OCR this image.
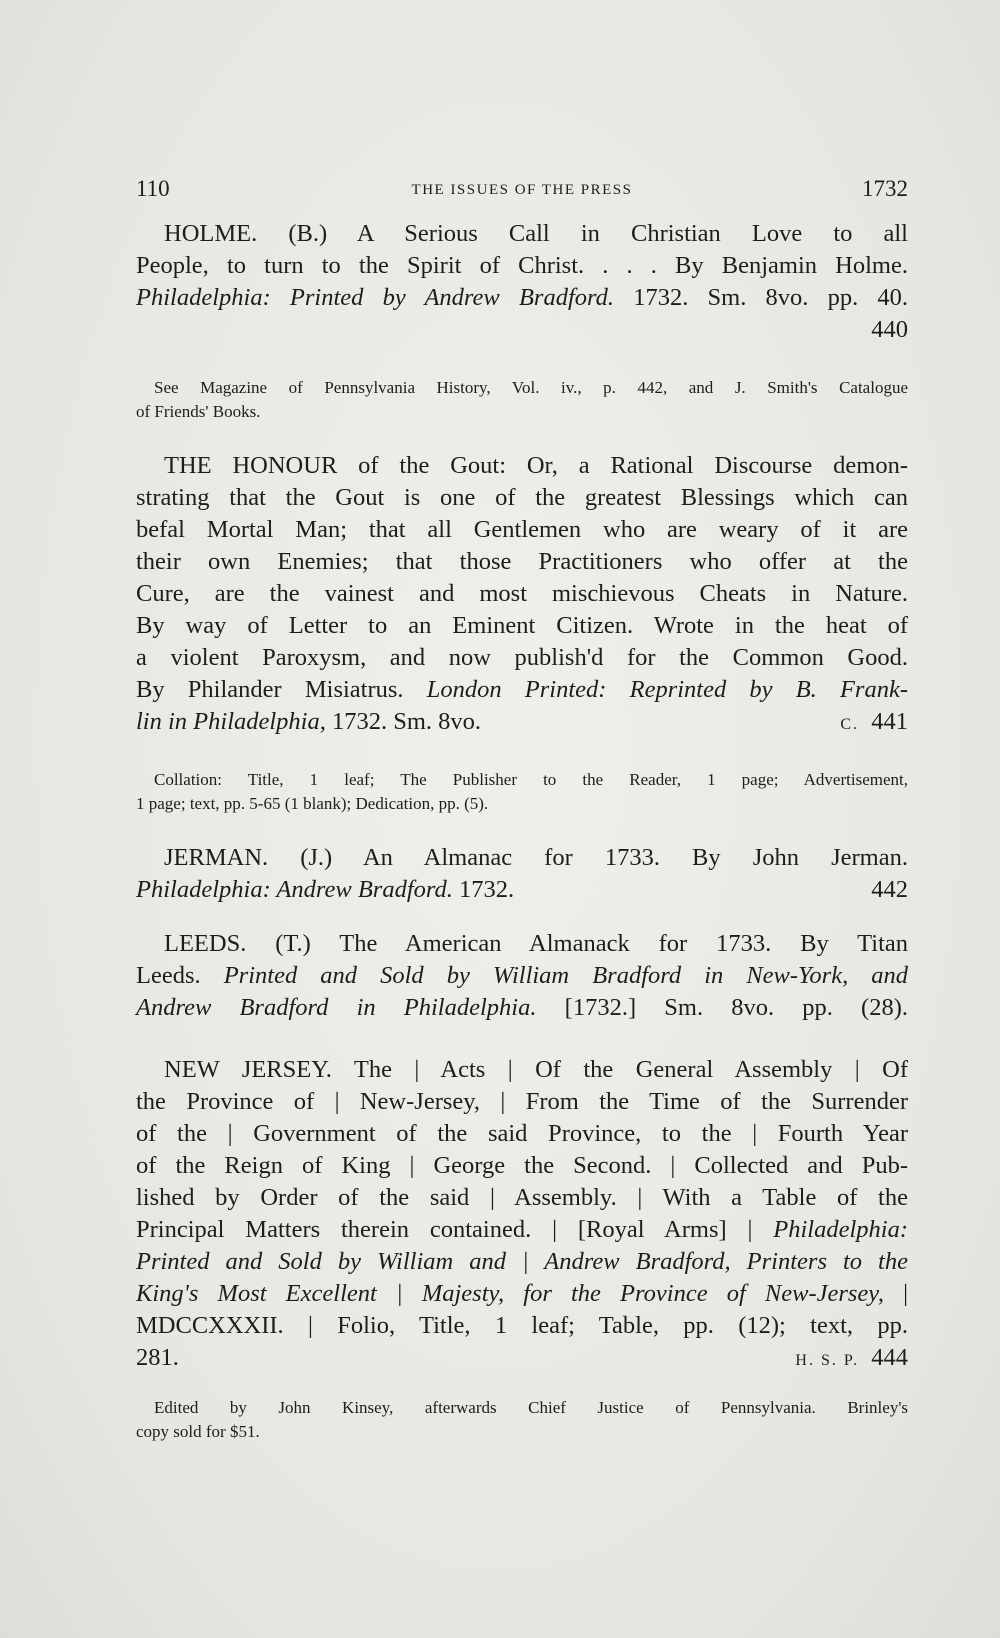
110	THE ISSUES OF THE PRESS	1732

HOLME. (B.) A Serious Call in Christian Love to all

People, to turn to the Spirit of Christ. . . . By Benjamin Holme.

Philadelphia: Printed by Andrew Bradford. 1732. Sm. 8vo. pp. 40.

440

See Magazine of Pennsylvania History, Vol. iv., p. 442, and J. Smith's Catalogue

of Friends' Books.

THE HONOUR of the Gout: Or, a Rational Discourse demon-

strating that the Gout is one of the greatest Blessings which can

befal Mortal Man; that all Gentlemen who are weary of it are

their own Enemies; that those Practitioners who offer at the

Cure, are the vainest and most mischievous Cheats in Nature.

By way of Letter to an Eminent Citizen. Wrote in the heat of

a violent Paroxysm, and now publish'd for the Common Good.

By Philander Misiatrus. London Printed: Reprinted by B. Frank-

lin in Philadelphia, 1732. Sm. 8vo.	C. 441

Collation: Title, 1 leaf; The Publisher to the Reader, 1 page; Advertisement,

1 page; text, pp. 5-65 (1 blank); Dedication, pp. (5).

JERMAN. (J.) An Almanac for 1733. By John Jerman.

Philadelphia: Andrew Bradford. 1732.	442

LEEDS. (T.) The American Almanack for 1733. By Titan

Leeds. Printed and Sold by William Bradford in New-York, and

Andrew Bradford in Philadelphia. [1732.] Sm. 8vo. pp. (28).

NEW JERSEY. The | Acts | Of the General Assembly | Of

the Province of | New-Jersey, | From the Time of the Surrender

of the | Government of the said Province, to the | Fourth Year

of the Reign of King | George the Second. | Collected and Pub-

lished by Order of the said | Assembly. | With a Table of the

Principal Matters therein contained. | [Royal Arms] | Philadelphia:

Printed and Sold by William and | Andrew Bradford, Printers to the

King's Most Excellent | Majesty, for the Province of New-Jersey, |

MDCCXXXII. | Folio, Title, 1 leaf; Table, pp. (12); text, pp.

281.	H. S. P. 444

Edited by John Kinsey, afterwards Chief Justice of Pennsylvania. Brinley's

copy sold for $51.
